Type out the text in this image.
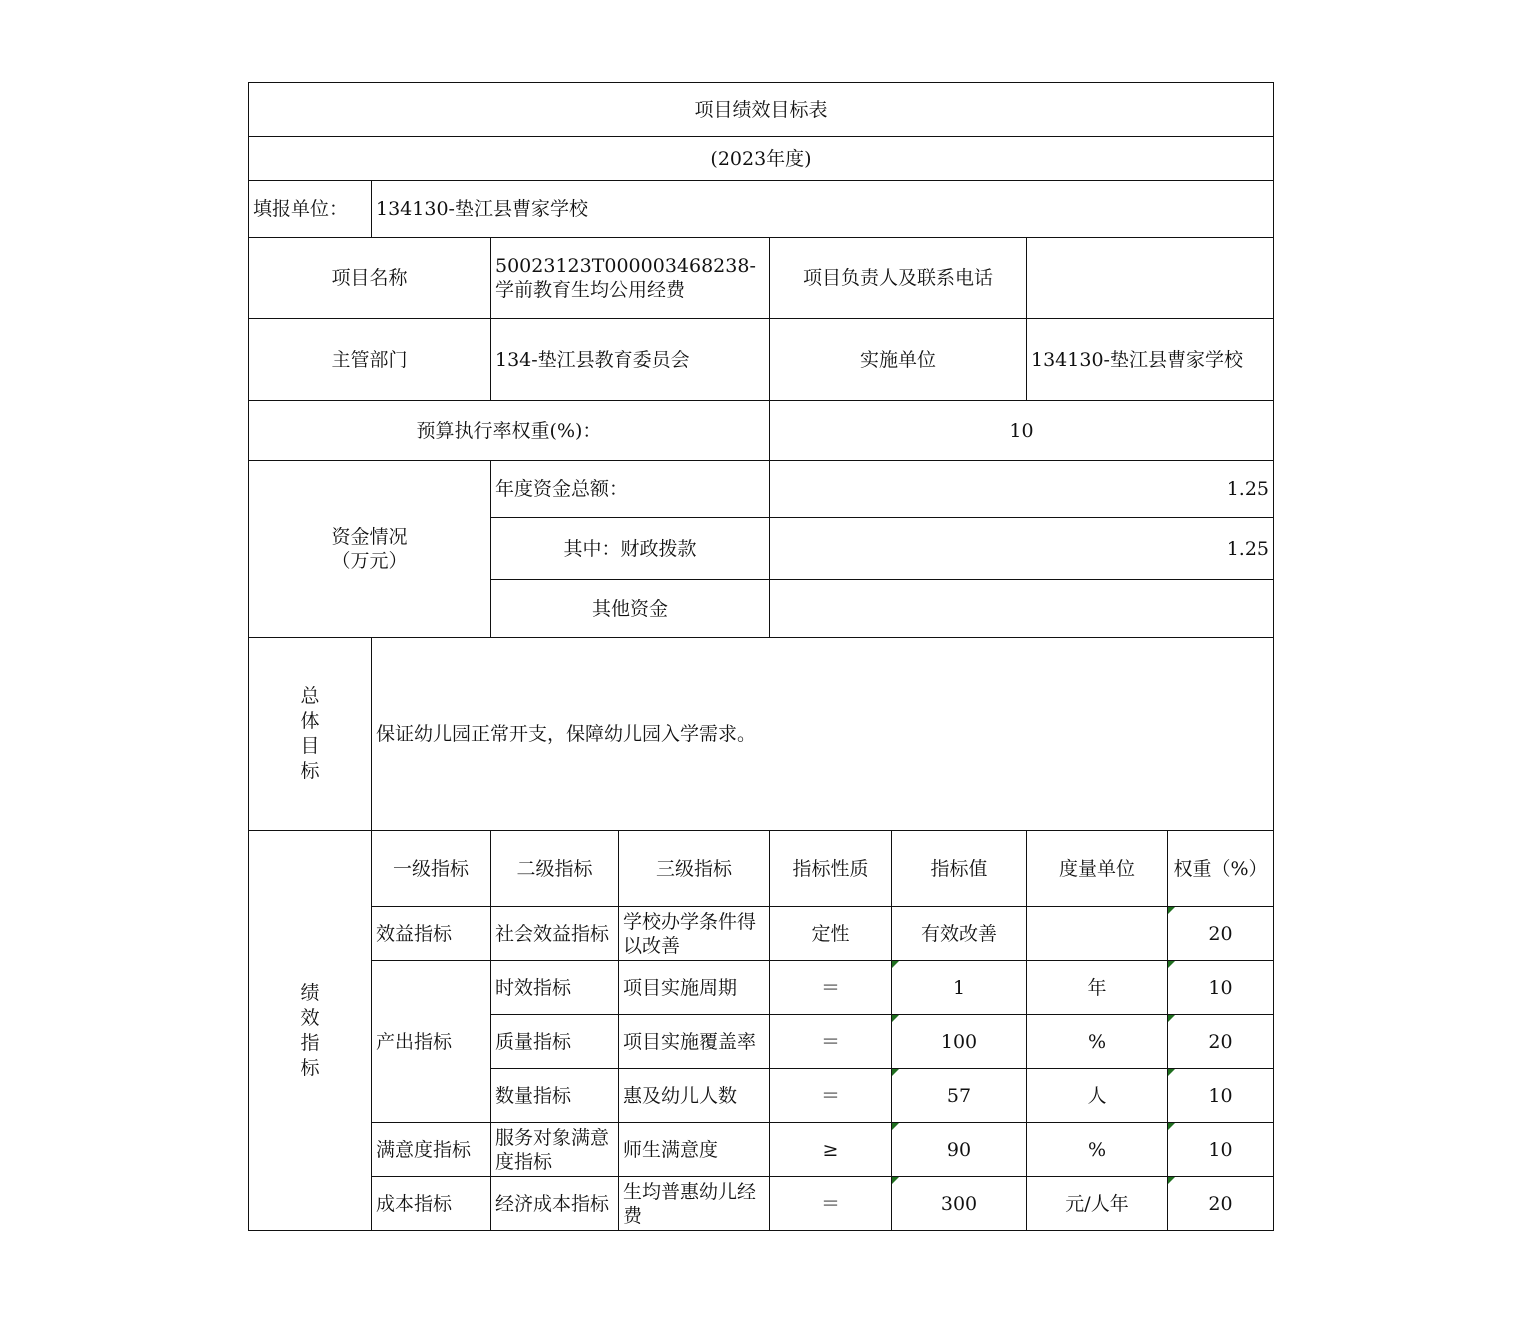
项目绩效目标表							
(2023年度)							
填报单位：	134130-垫江县曹家学校						
项目名称		50023123T000003468238-学前教育生均公用经费		项目负责人及联系电话			
主管部门		134-垫江县教育委员会		实施单位		134130-垫江县曹家学校	
预算执行率权重(%)：				10			

资金情况
（万元）		年度资金总额：		1.25			
		其中：财政拨款		1.25			
		其他资金					
总体目标	保证幼儿园正常开支，保障幼儿园入学需求。						
绩效指标	一级指标	二级指标	三级指标	指标性质	指标值	度量单位	权重（%）
	效益指标	社会效益指标	学校办学条件得以改善	定性	有效改善		20
	产出指标	时效指标	项目实施周期	＝	1	年	10
		质量指标	项目实施覆盖率	＝	100	%	20
		数量指标	惠及幼儿人数	＝	57	人	10
	满意度指标	服务对象满意度指标	师生满意度	≥	90	%	10
	成本指标	经济成本指标	生均普惠幼儿经费	＝	300	元/人年	20
